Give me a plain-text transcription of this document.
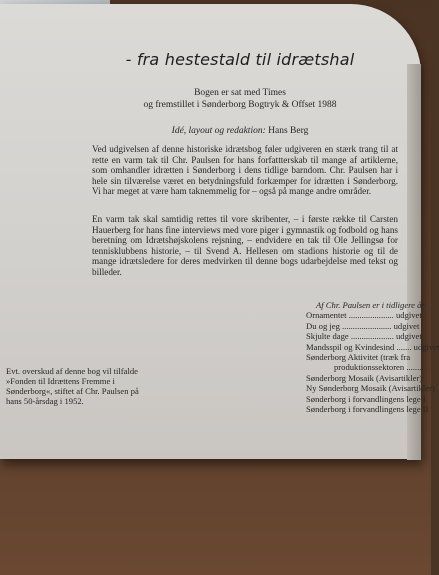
- fra hestestald til idrætshal

Bogen er sat med Times

og fremstillet i Sønderborg Bogtryk & Offset 1988

Idé, layout og redaktion: Hans Berg

Ved udgivelsen af denne historiske idrætsbog føler udgiveren en stærk trang til at rette en varm tak til Chr. Paulsen for hans forfattterskab til mange af artiklerne, som omhandler idrætten i Sønderborg i dens tidlige barndom. Chr. Paulsen har i hele sin tilværelse været en betydningsfuld forkæmper for idrætten i Sønderborg. Vi har meget at være ham taknemmelig for – også på mange andre områder.

En varm tak skal samtidig rettes til vore skribenter, – i første række til Carsten Hauerberg for hans fine interviews med vore piger i gymnastik og fodbold og hans beretning om Idrætshøjskolens rejsning, – endvidere en tak til Ole Jellingsø for tennisklubbens historie, – til Svend A. Hellesen om stadions historie og til de mange idrætsledere for deres medvirken til denne bogs udarbejdelse med tekst og billeder.

Af Chr. Paulsen er i tidligere år
Ornamentet ..................... udgivet
Du og jeg ....................... udgivet
Skjulte dage .................... udgivet
Mandsspil og Kvindesind ....... udgivet
Sønderborg Aktivitet (træk fra
produktionssektoren ........
Sønderborg Mosaik (Avisartikler)
Ny Sønderborg Mosaik (Avisartikler)
Sønderborg i forvandlingens lege I
Sønderborg i forvandlingens lege II

Evt. overskud af denne bog vil tilfalde »Fonden til Idrættens Fremme i Sønderborg«, stiftet af Chr. Paulsen på hans 50-årsdag i 1952.
